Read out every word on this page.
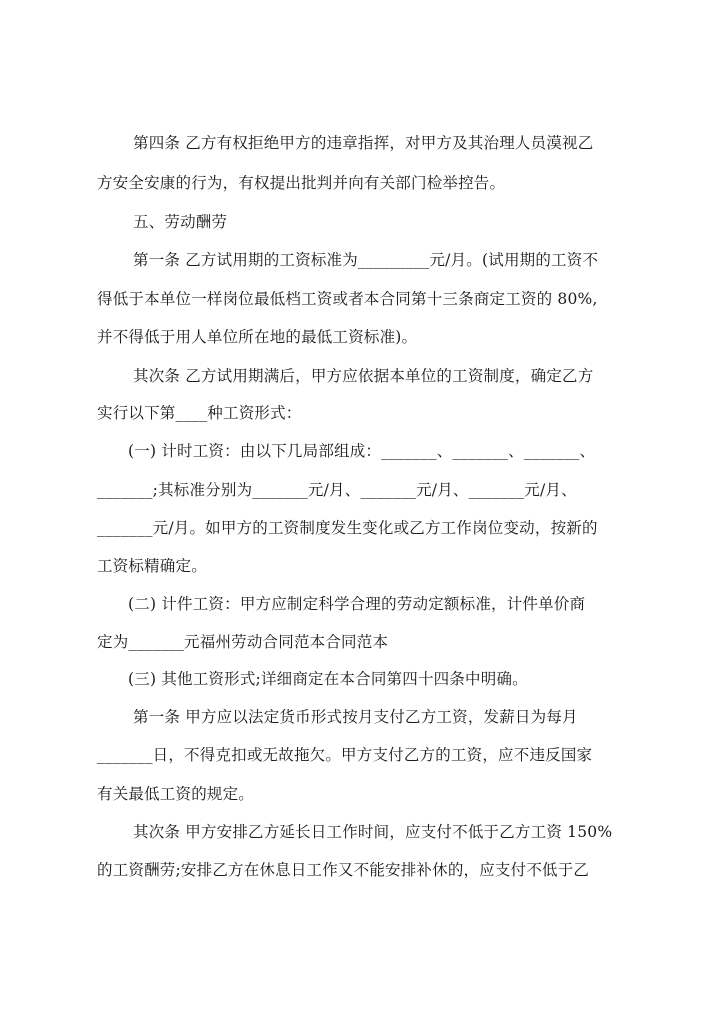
第四条 乙方有权拒绝甲方的违章指挥，对甲方及其治理人员漠视乙
方安全安康的行为，有权提出批判并向有关部门检举控告。
五、劳动酬劳
第一条 乙方试用期的工资标准为_________元/月。(试用期的工资不
得低于本单位一样岗位最低档工资或者本合同第十三条商定工资的 80%,
并不得低于用人单位所在地的最低工资标准)。
其次条 乙方试用期满后，甲方应依据本单位的工资制度，确定乙方
实行以下第____种工资形式：
(一) 计时工资：由以下几局部组成：_______、_______、_______、
_______;其标准分别为_______元/月、_______元/月、_______元/月、
_______元/月。如甲方的工资制度发生变化或乙方工作岗位变动，按新的
工资标精确定。
(二) 计件工资：甲方应制定科学合理的劳动定额标准，计件单价商
定为_______元福州劳动合同范本合同范本
(三) 其他工资形式;详细商定在本合同第四十四条中明确。
第一条 甲方应以法定货币形式按月支付乙方工资，发薪日为每月
_______日，不得克扣或无故拖欠。甲方支付乙方的工资，应不违反国家
有关最低工资的规定。
其次条 甲方安排乙方延长日工作时间，应支付不低于乙方工资 150%
的工资酬劳;安排乙方在休息日工作又不能安排补休的，应支付不低于乙
